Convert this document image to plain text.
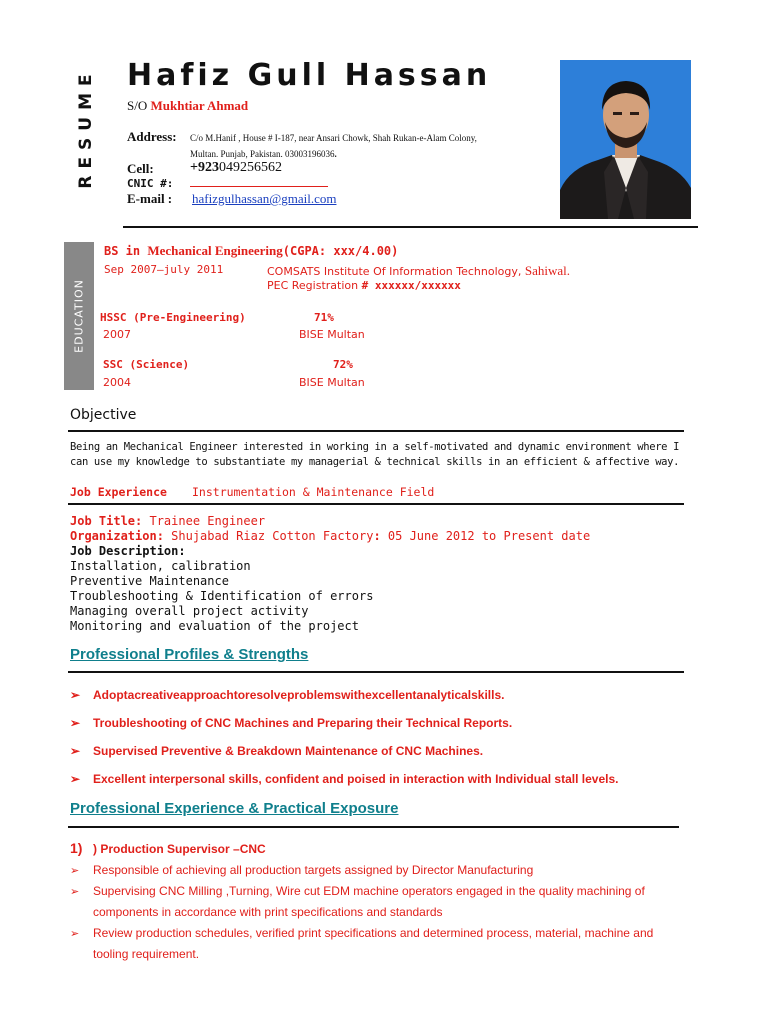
RESUME Hafiz Gull Hassan
S/O Mukhtiar Ahmad
Address: C/o M.Hanif , House # I-187, near Ansari Chowk, Shah Rukan-e-Alam Colony,
Multan. Punjab, Pakistan. 03003196036.
Cell:	+923049256562
CNIC #:
E-mail : hafizgulhassan@gmail.com
EDUCATION
BS in Mechanical Engineering(CGPA: xxx/4.00)
Sep 2007–july 2011	COMSATS Institute Of Information Technology, Sahiwal.
PEC Registration # xxxxxx/xxxxxx
HSSC (Pre-Engineering)	71%
2007	BISE Multan
SSC (Science)	72%
2004	BISE Multan
Objective
Being an Mechanical Engineer interested in working in a self-motivated and dynamic environment where I
can use my knowledge to substantiate my managerial & technical skills in an efficient & affective way.
Job Experience Instrumentation & Maintenance Field
Job Title: Trainee Engineer
Organization: Shujabad Riaz Cotton Factory: 05 June 2012 to Present date
Job Description:
Installation, calibration
Preventive Maintenance
Troubleshooting & Identification of errors
Managing overall project activity
Monitoring and evaluation of the project
Professional Profiles & Strengths
➢ Adoptacreativeapproachtoresolveproblemswithexcellentanalyticalskills.
➢ Troubleshooting of CNC Machines and Preparing their Technical Reports.
➢ Supervised Preventive & Breakdown Maintenance of CNC Machines.
➢ Excellent interpersonal skills, confident and poised in interaction with Individual stall levels.
Professional Experience & Practical Exposure
1) ) Production Supervisor –CNC
➢ Responsible of achieving all production targets assigned by Director Manufacturing
➢ Supervising CNC Milling ,Turning, Wire cut EDM machine operators engaged in the quality machining of
components in accordance with print specifications and standards
➢ Review production schedules, verified print specifications and determined process, material, machine and
tooling requirement.
